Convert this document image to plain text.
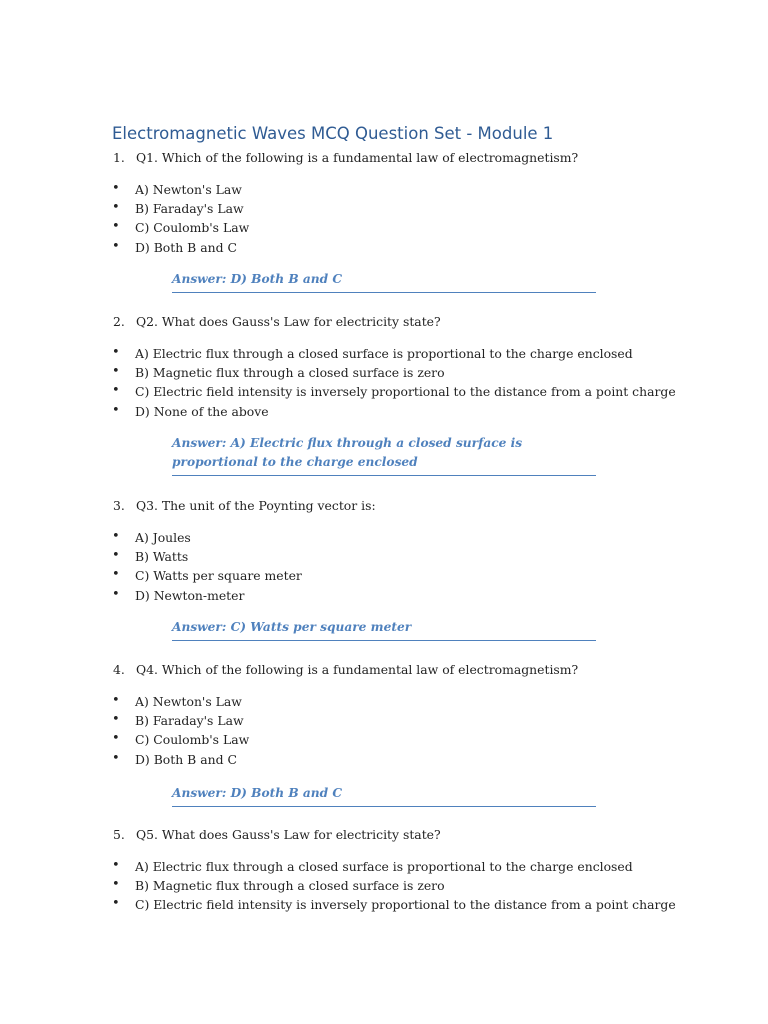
Electromagnetic Waves MCQ Question Set - Module 1
1. Q1. Which of the following is a fundamental law of electromagnetism?
• A) Newton's Law
• B) Faraday's Law
• C) Coulomb's Law
• D) Both B and C
Answer: D) Both B and C
2. Q2. What does Gauss's Law for electricity state?
• A) Electric flux through a closed surface is proportional to the charge enclosed
• B) Magnetic flux through a closed surface is zero
• C) Electric field intensity is inversely proportional to the distance from a point charge
• D) None of the above
Answer: A) Electric flux through a closed surface is proportional to the charge enclosed
3. Q3. The unit of the Poynting vector is:
• A) Joules
• B) Watts
• C) Watts per square meter
• D) Newton-meter
Answer: C) Watts per square meter
4. Q4. Which of the following is a fundamental law of electromagnetism?
• A) Newton's Law
• B) Faraday's Law
• C) Coulomb's Law
• D) Both B and C
Answer: D) Both B and C
5. Q5. What does Gauss's Law for electricity state?
• A) Electric flux through a closed surface is proportional to the charge enclosed
• B) Magnetic flux through a closed surface is zero
• C) Electric field intensity is inversely proportional to the distance from a point charge
